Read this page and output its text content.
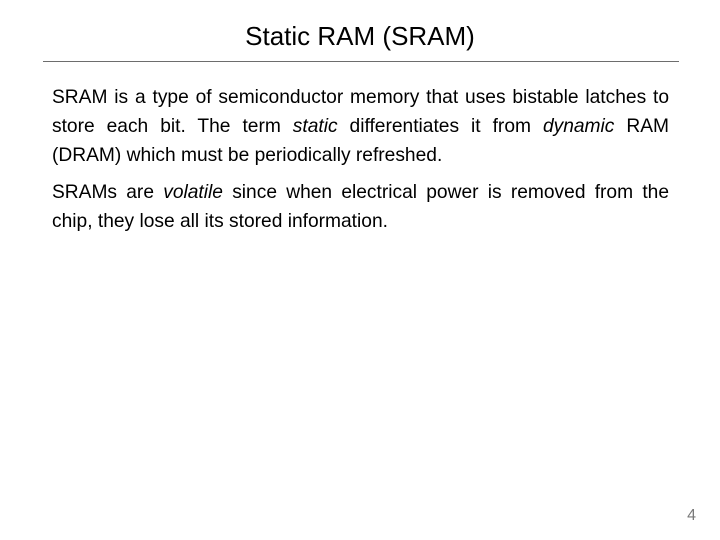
Static RAM (SRAM)

SRAM is a type of semiconductor memory that uses bistable latches to store each bit. The term static differentiates it from dynamic RAM (DRAM) which must be periodically refreshed.

SRAMs are volatile since when electrical power is removed from the chip, they lose all its stored information.

4
